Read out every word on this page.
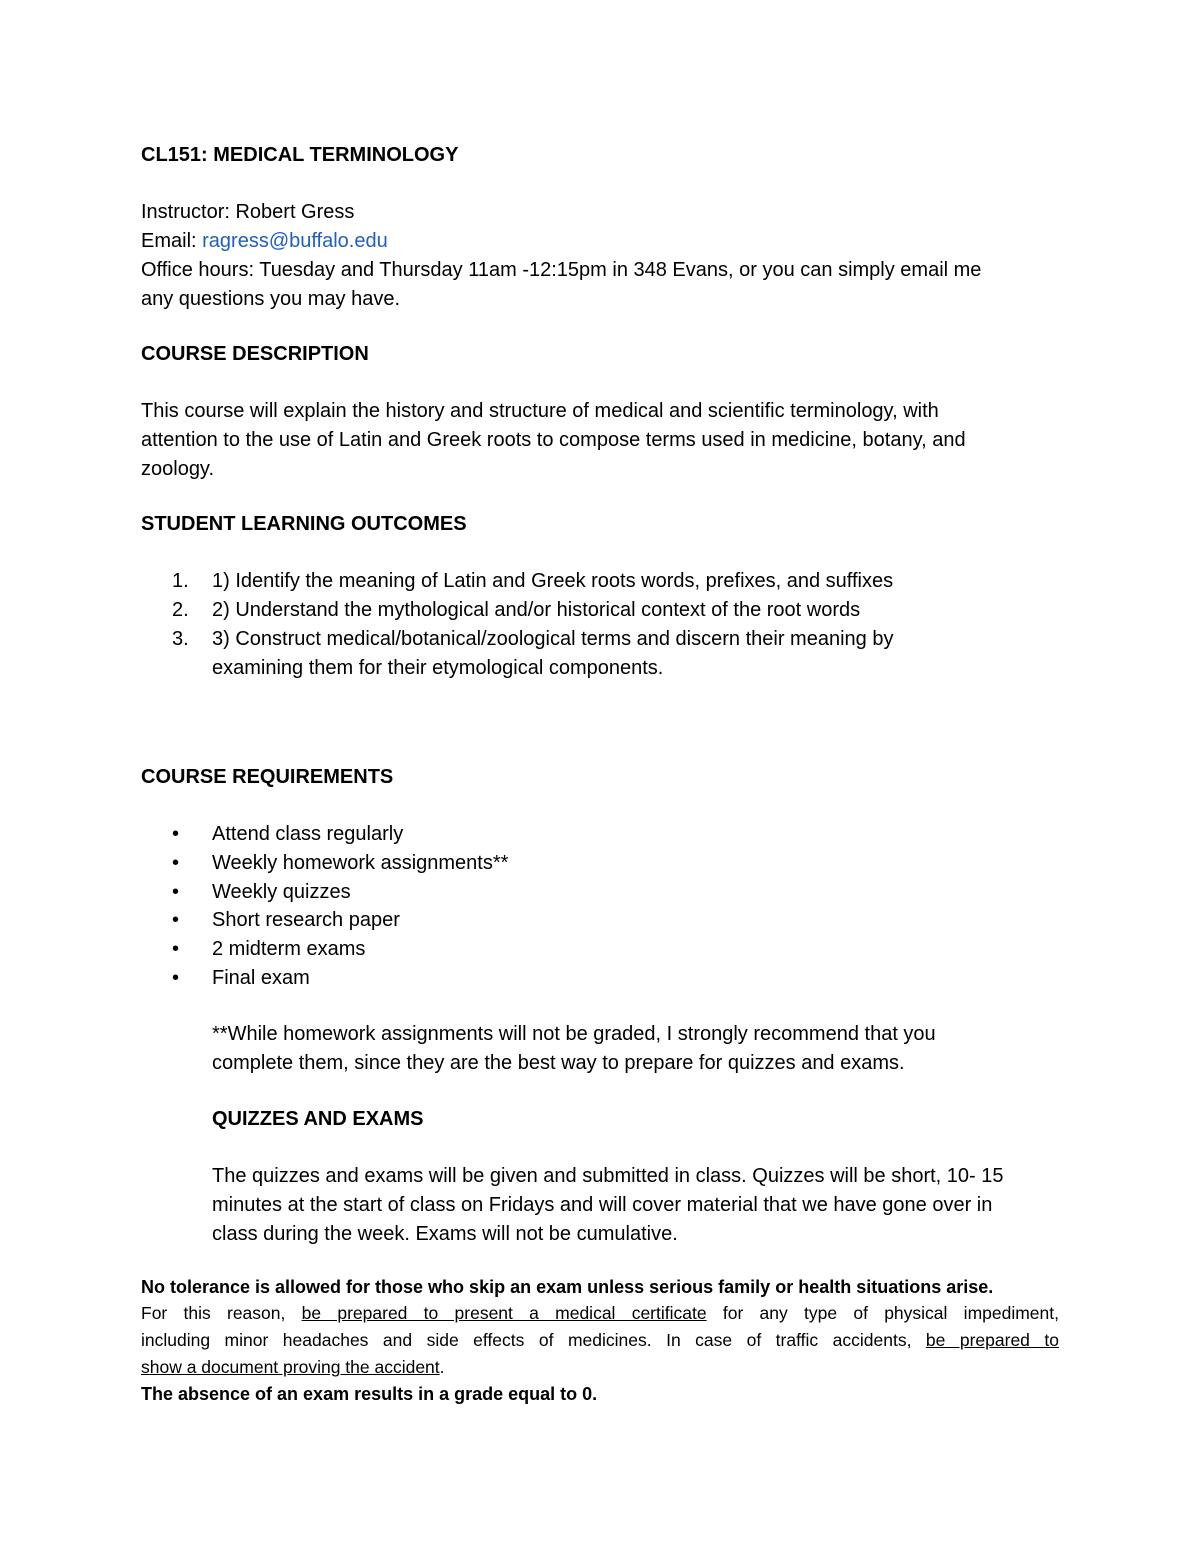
CL151: MEDICAL TERMINOLOGY
Instructor: Robert Gress
Email: ragress@buffalo.edu
Office hours: Tuesday and Thursday 11am -12:15pm in 348 Evans, or you can simply email me
any questions you may have.
COURSE DESCRIPTION
This course will explain the history and structure of medical and scientific terminology, with
attention to the use of Latin and Greek roots to compose terms used in medicine, botany, and
zoology.
STUDENT LEARNING OUTCOMES
1. 1) Identify the meaning of Latin and Greek roots words, prefixes, and suffixes
2. 2) Understand the mythological and/or historical context of the root words
3. 3) Construct medical/botanical/zoological terms and discern their meaning by
examining them for their etymological components.
COURSE REQUIREMENTS
• Attend class regularly
• Weekly homework assignments**
• Weekly quizzes
• Short research paper
• 2 midterm exams
• Final exam
**While homework assignments will not be graded, I strongly recommend that you
complete them, since they are the best way to prepare for quizzes and exams.
QUIZZES AND EXAMS
The quizzes and exams will be given and submitted in class. Quizzes will be short, 10- 15
minutes at the start of class on Fridays and will cover material that we have gone over in
class during the week. Exams will not be cumulative.
No tolerance is allowed for those who skip an exam unless serious family or health situations arise.
For this reason, be prepared to present a medical certificate for any type of physical impediment,
including minor headaches and side effects of medicines. In case of traffic accidents, be prepared to
show a document proving the accident.
The absence of an exam results in a grade equal to 0.
